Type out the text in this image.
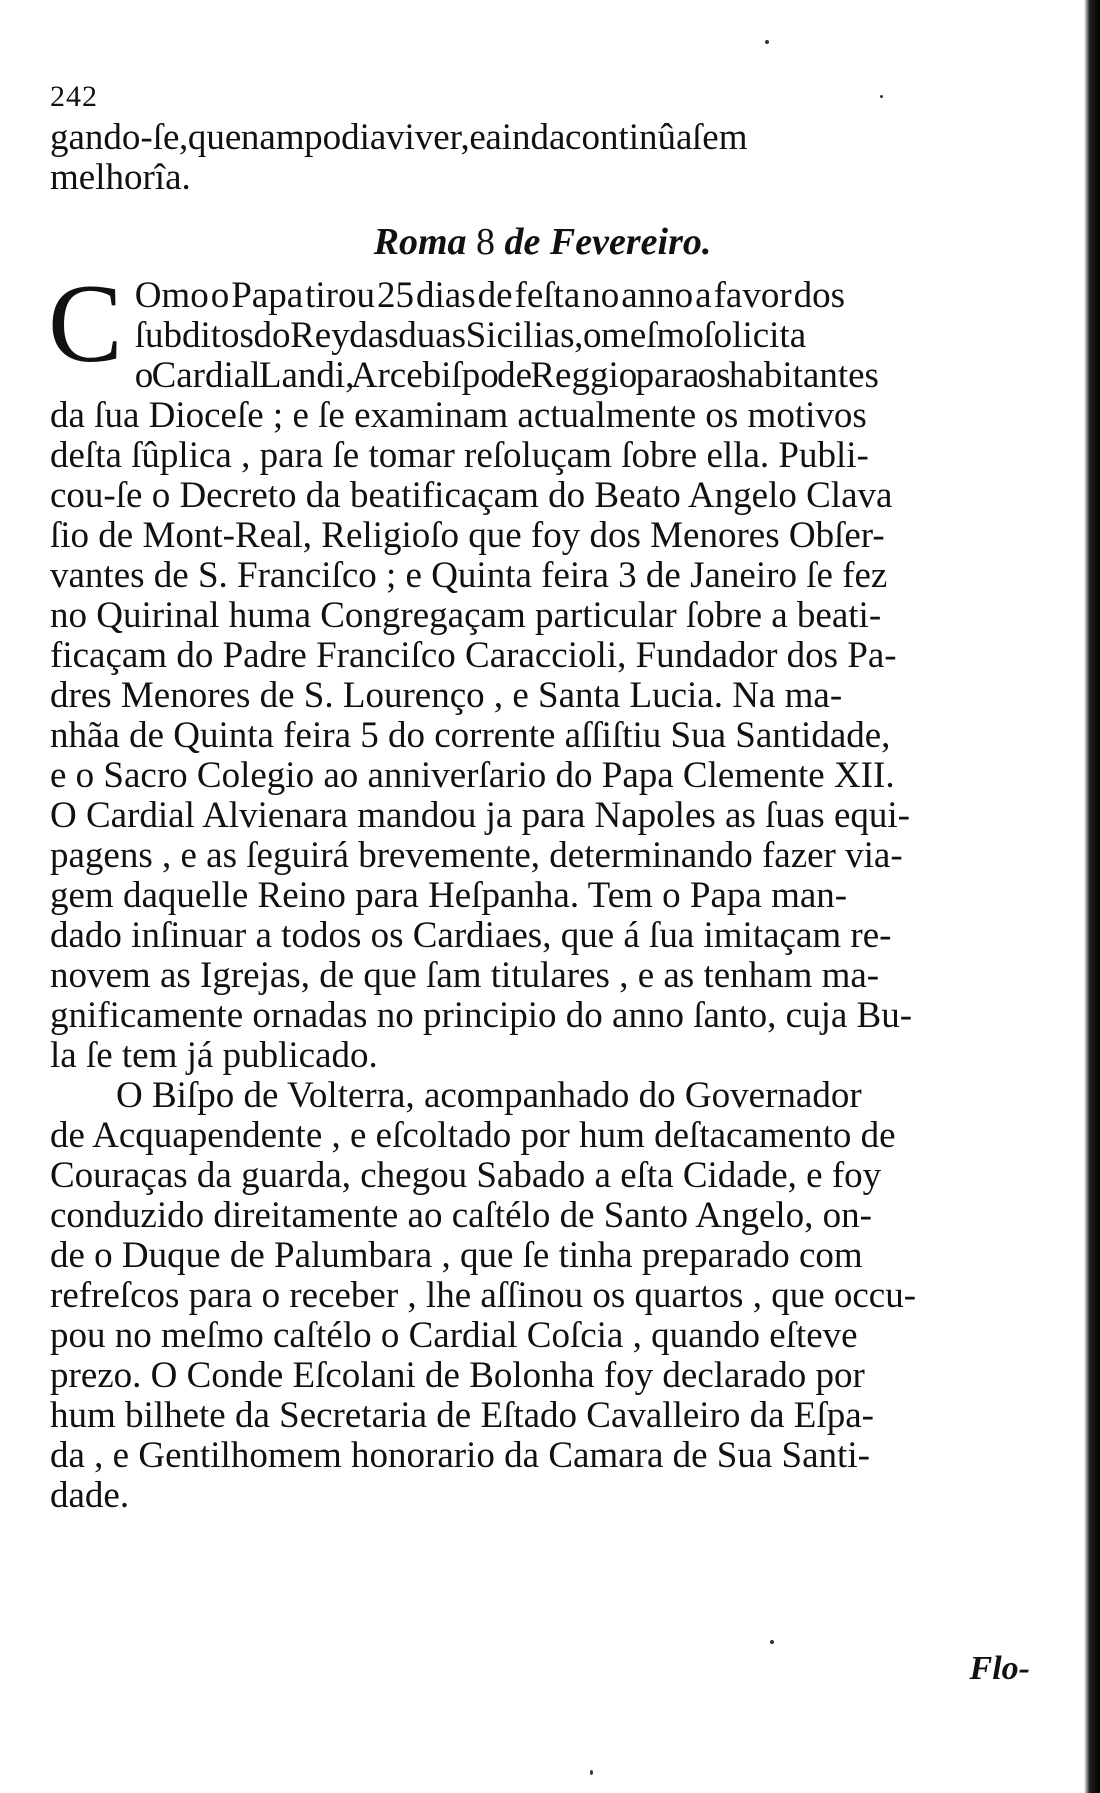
242
gando-ſe , que nam podia viver, e ainda continûa ſem
melhorîa.
Roma 8 de Fevereiro.
C Omo o Papa tirou 25 dias de feſta no anno a favor dos
ſubditos do Rey das duas Sicilias , o meſmo ſolicita
o Cardial Landi, Arcebiſpo de Reggio para os habitantes
da ſua Dioceſe ; e ſe examinam actualmente os motivos
deſta ſûplica , para ſe tomar reſoluçam ſobre ella. Publi-
cou-ſe o Decreto da beatificaçam do Beato Angelo Clava
ſio de Mont-Real, Religioſo que foy dos Menores Obſer-
vantes de S. Franciſco ; e Quinta feira 3 de Janeiro ſe fez
no Quirinal huma Congregaçam particular ſobre a beati-
ficaçam do Padre Franciſco Caraccioli, Fundador dos Pa-
dres Menores de S. Lourenço , e Santa Lucia. Na ma-
nhãa de Quinta feira 5 do corrente aſſiſtiu Sua Santidade,
e o Sacro Colegio ao anniverſario do Papa Clemente XII.
O Cardial Alvienara mandou ja para Napoles as ſuas equi-
pagens , e as ſeguirá brevemente, determinando fazer via-
gem daquelle Reino para Heſpanha. Tem o Papa man-
dado inſinuar a todos os Cardiaes, que á ſua imitaçam re-
novem as Igrejas, de que ſam titulares , e as tenham ma-
gnificamente ornadas no principio do anno ſanto, cuja Bu-
la ſe tem já publicado.
O Biſpo de Volterra, acompanhado do Governador
de Acquapendente , e eſcoltado por hum deſtacamento de
Couraças da guarda, chegou Sabado a eſta Cidade, e foy
conduzido direitamente ao caſtélo de Santo Angelo, on-
de o Duque de Palumbara , que ſe tinha preparado com
refreſcos para o receber , lhe aſſinou os quartos , que occu-
pou no meſmo caſtélo o Cardial Coſcia , quando eſteve
prezo. O Conde Eſcolani de Bolonha foy declarado por
hum bilhete da Secretaria de Eſtado Cavalleiro da Eſpa-
da , e Gentilhomem honorario da Camara de Sua Santi-
dade.
Flo-
